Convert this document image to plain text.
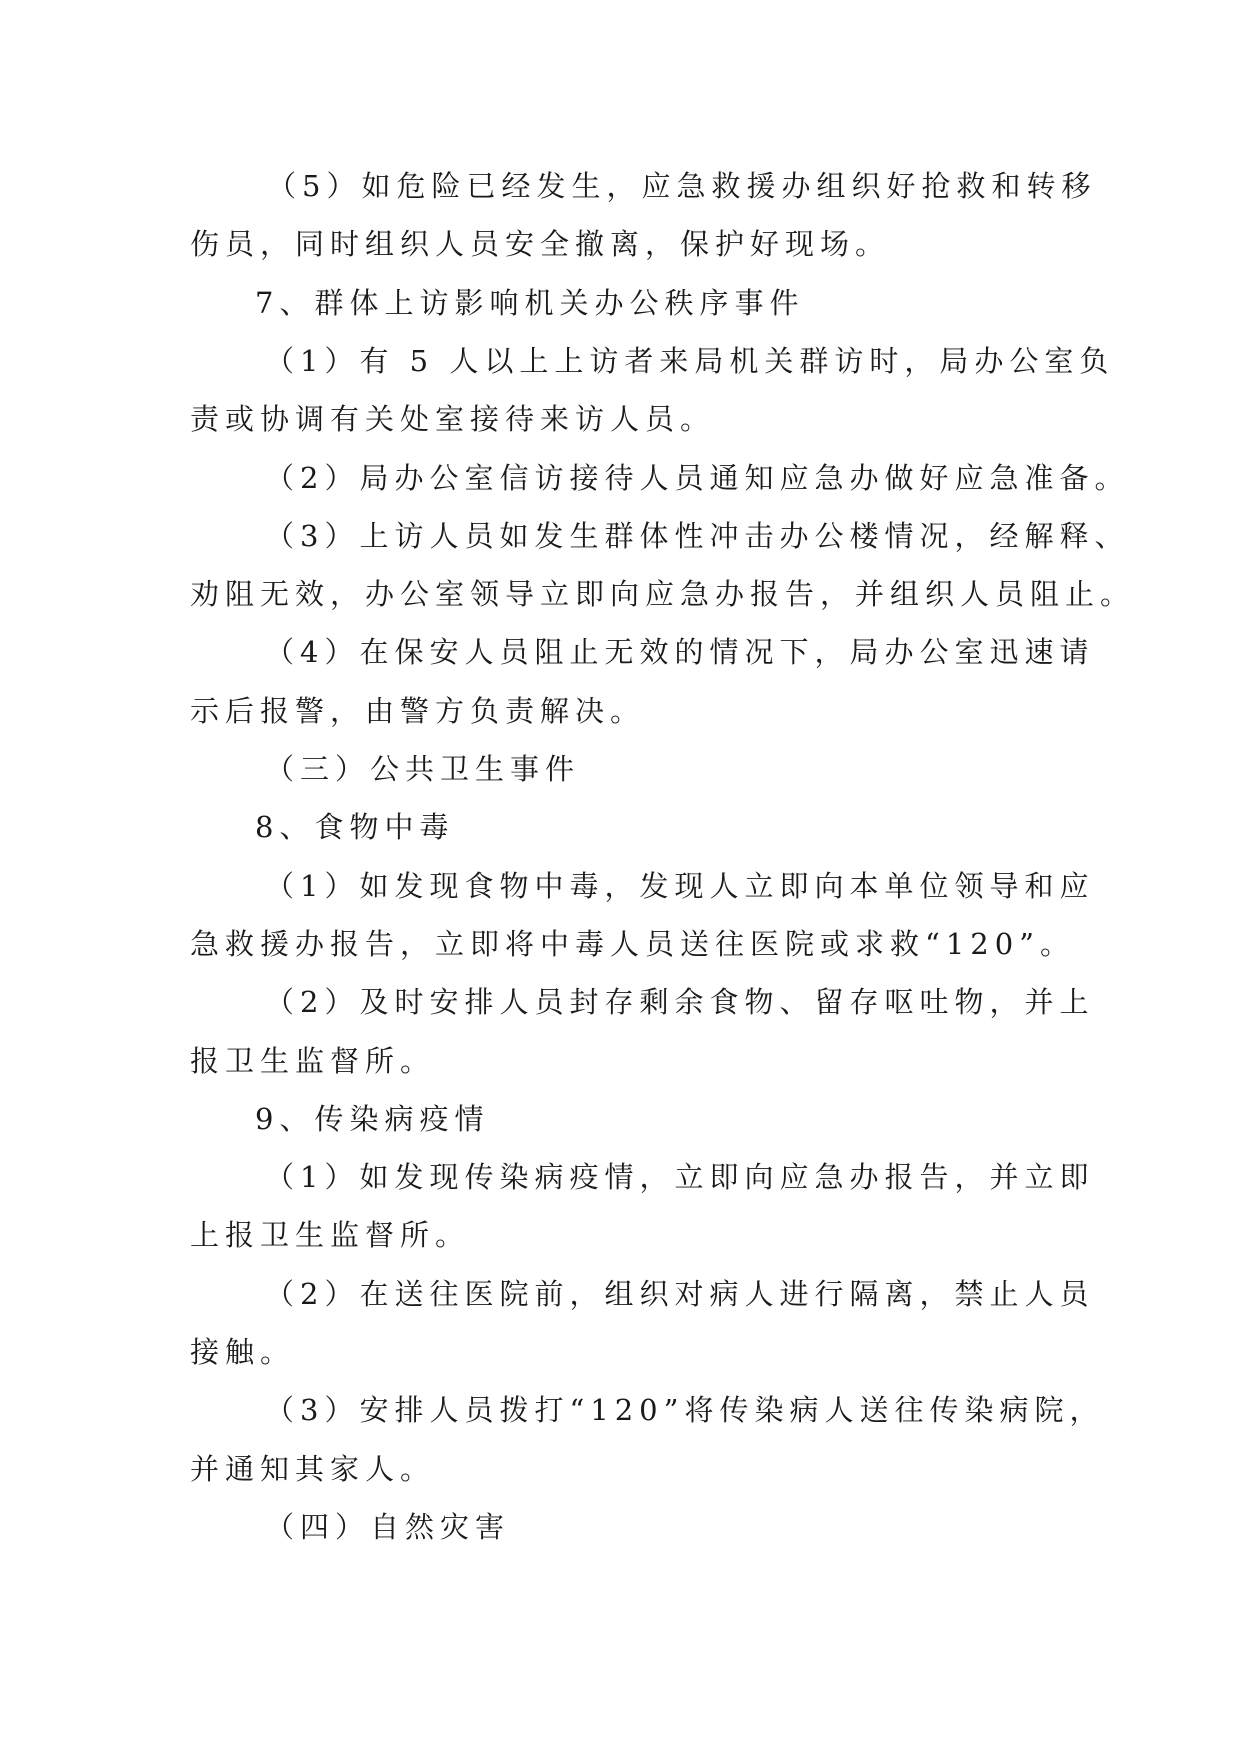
（5）如危险已经发生，应急救援办组织好抢救和转移
伤员，同时组织人员安全撤离，保护好现场。
7、群体上访影响机关办公秩序事件
（1）有 5 人以上上访者来局机关群访时，局办公室负
责或协调有关处室接待来访人员。
（2）局办公室信访接待人员通知应急办做好应急准备。
（3）上访人员如发生群体性冲击办公楼情况，经解释、
劝阻无效，办公室领导立即向应急办报告，并组织人员阻止。
（4）在保安人员阻止无效的情况下，局办公室迅速请
示后报警，由警方负责解决。
（三）公共卫生事件
8、食物中毒
（1）如发现食物中毒，发现人立即向本单位领导和应
急救援办报告，立即将中毒人员送往医院或求救“120”。
（2）及时安排人员封存剩余食物、留存呕吐物，并上
报卫生监督所。
9、传染病疫情
（1）如发现传染病疫情，立即向应急办报告，并立即
上报卫生监督所。
（2）在送往医院前，组织对病人进行隔离，禁止人员
接触。
（3）安排人员拨打“120”将传染病人送往传染病院，
并通知其家人。
（四）自然灾害
